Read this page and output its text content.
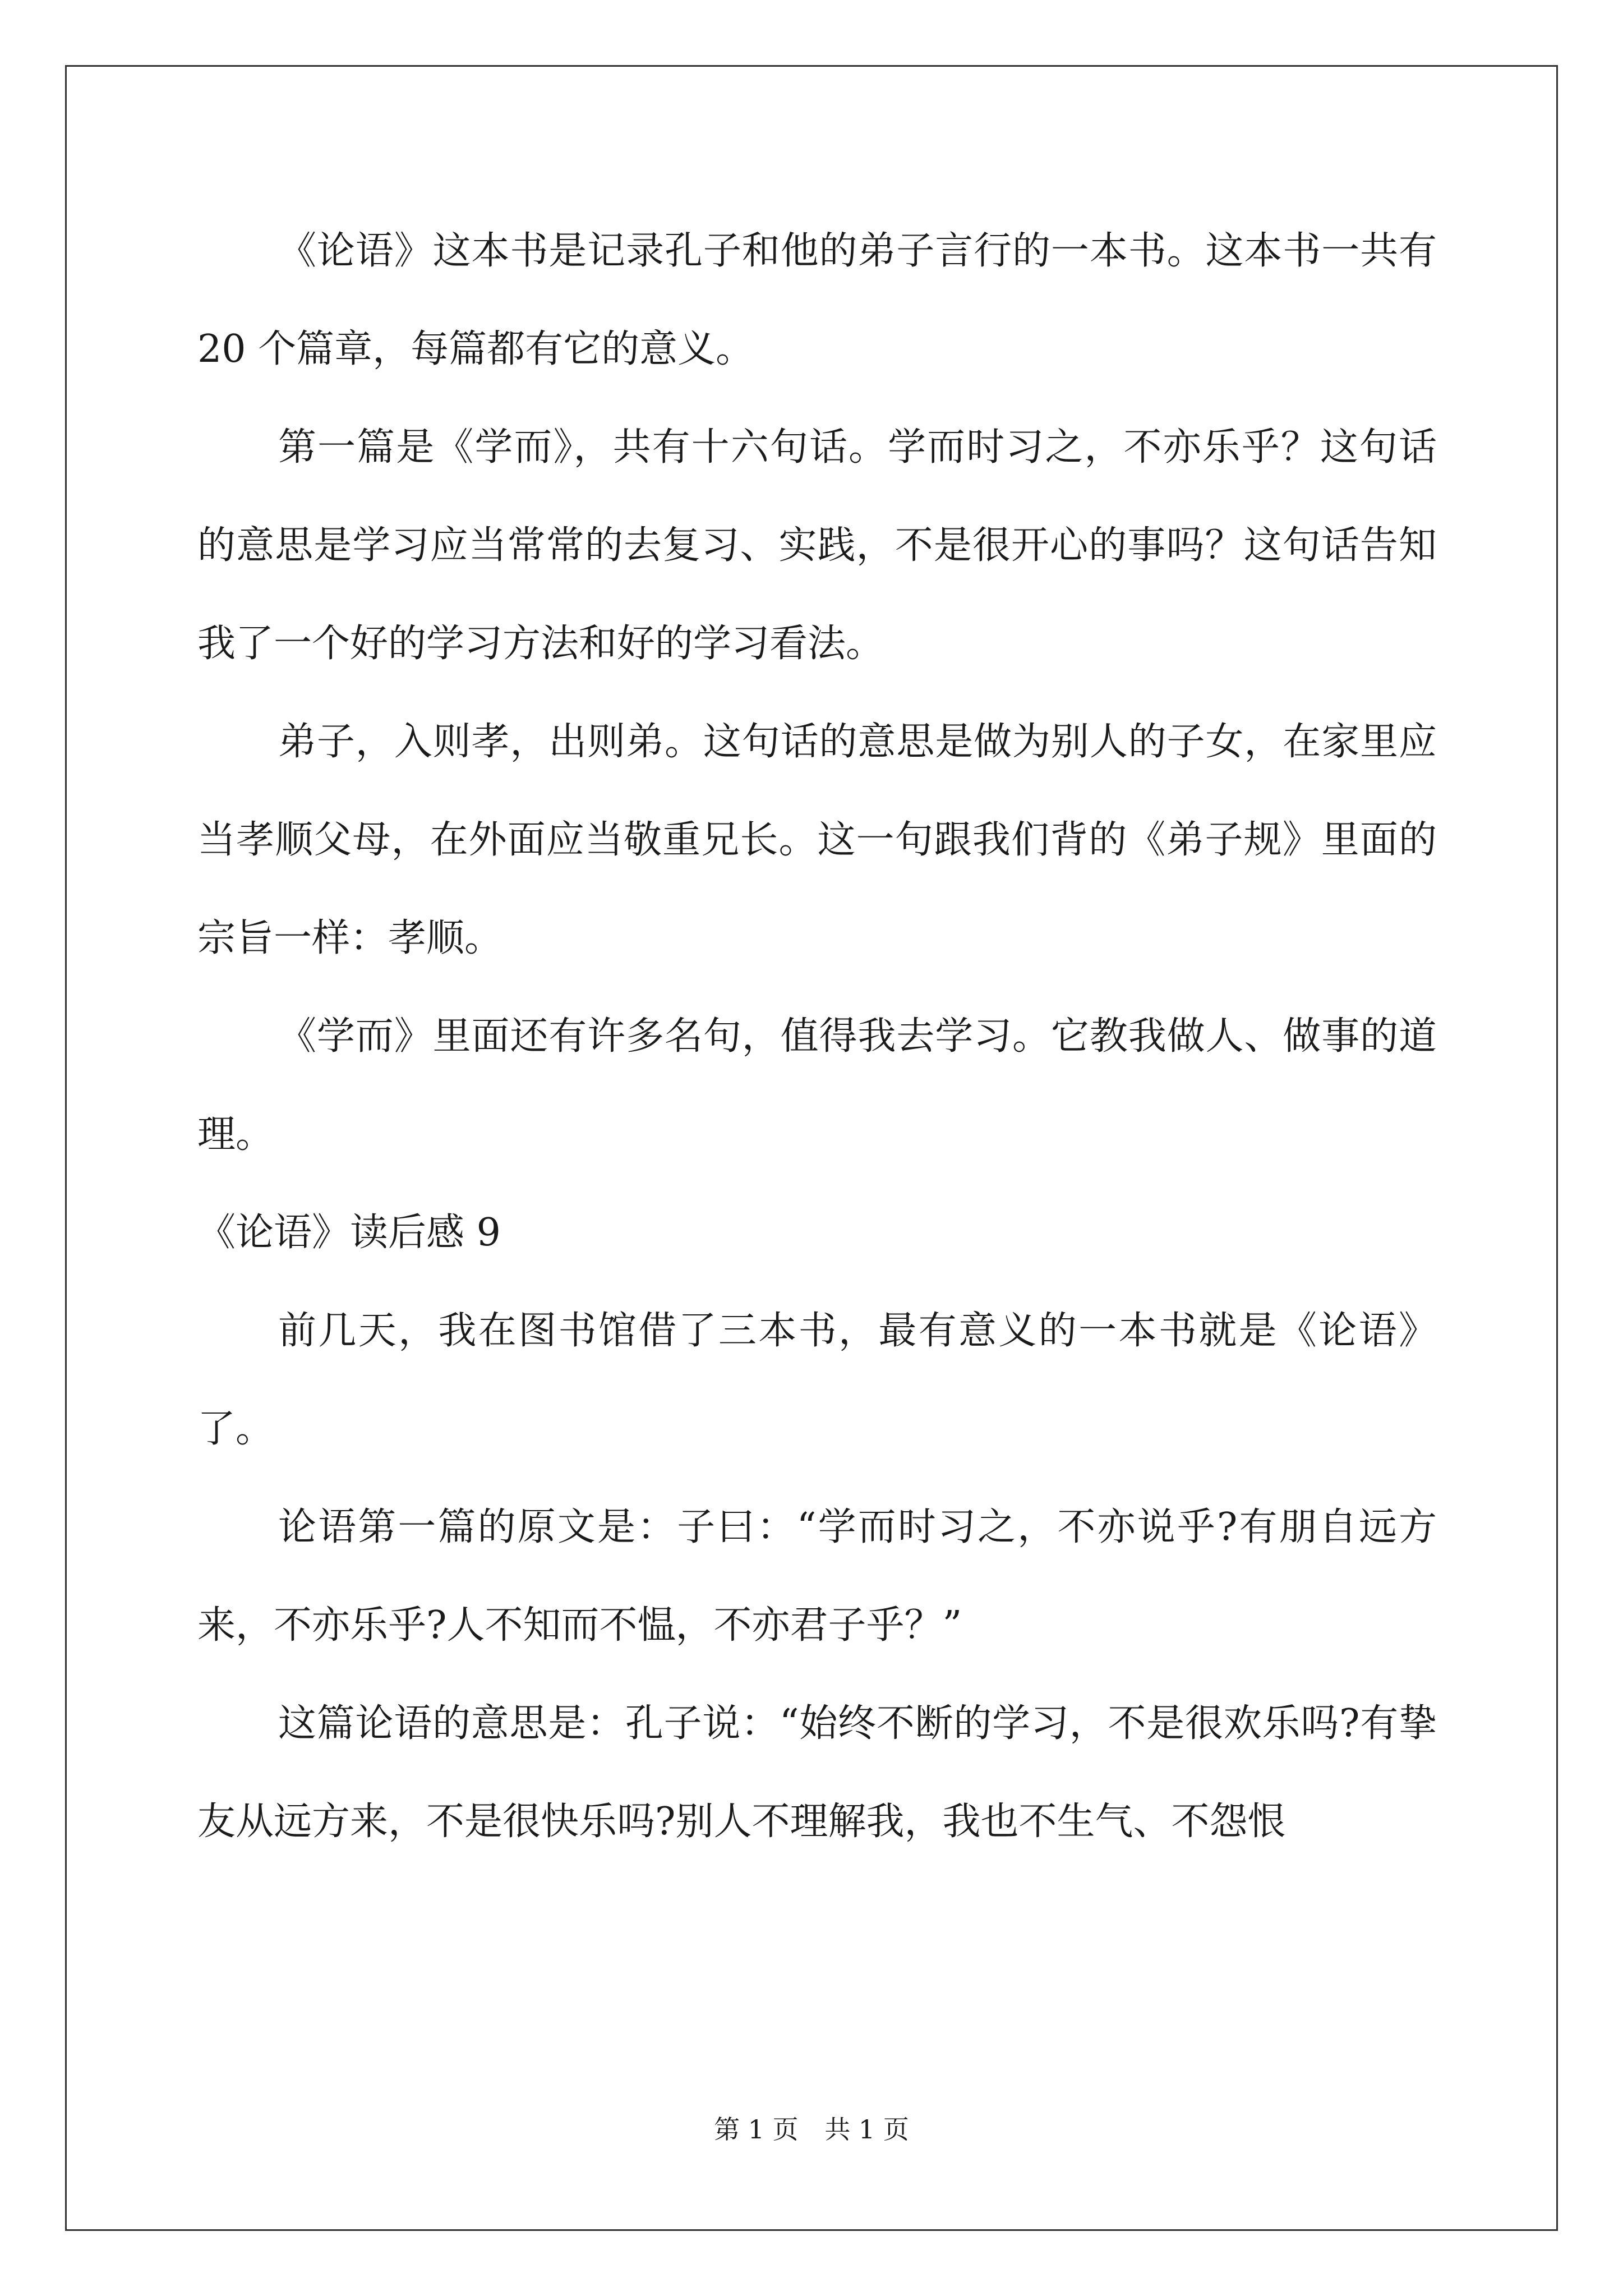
《论语》这本书是记录孔子和他的弟子言行的一本书。这本书一共有 20 个篇章，每篇都有它的意义。

第一篇是《学而》，共有十六句话。学而时习之，不亦乐乎？这句话的意思是学习应当常常的去复习、实践，不是很开心的事吗？这句话告知我了一个好的学习方法和好的学习看法。

弟子，入则孝，出则弟。这句话的意思是做为别人的子女，在家里应当孝顺父母，在外面应当敬重兄长。这一句跟我们背的《弟子规》里面的宗旨一样：孝顺。

《学而》里面还有许多名句，值得我去学习。它教我做人、做事的道理。

《论语》读后感 9

前几天，我在图书馆借了三本书，最有意义的一本书就是《论语》了。

论语第一篇的原文是：子曰：“学而时习之，不亦说乎?有朋自远方来，不亦乐乎?人不知而不愠，不亦君子乎？”

这篇论语的意思是：孔子说：“始终不断的学习，不是很欢乐吗?有挚友从远方来，不是很快乐吗?别人不理解我，我也不生气、不怨恨

第 1 页 共 1 页
